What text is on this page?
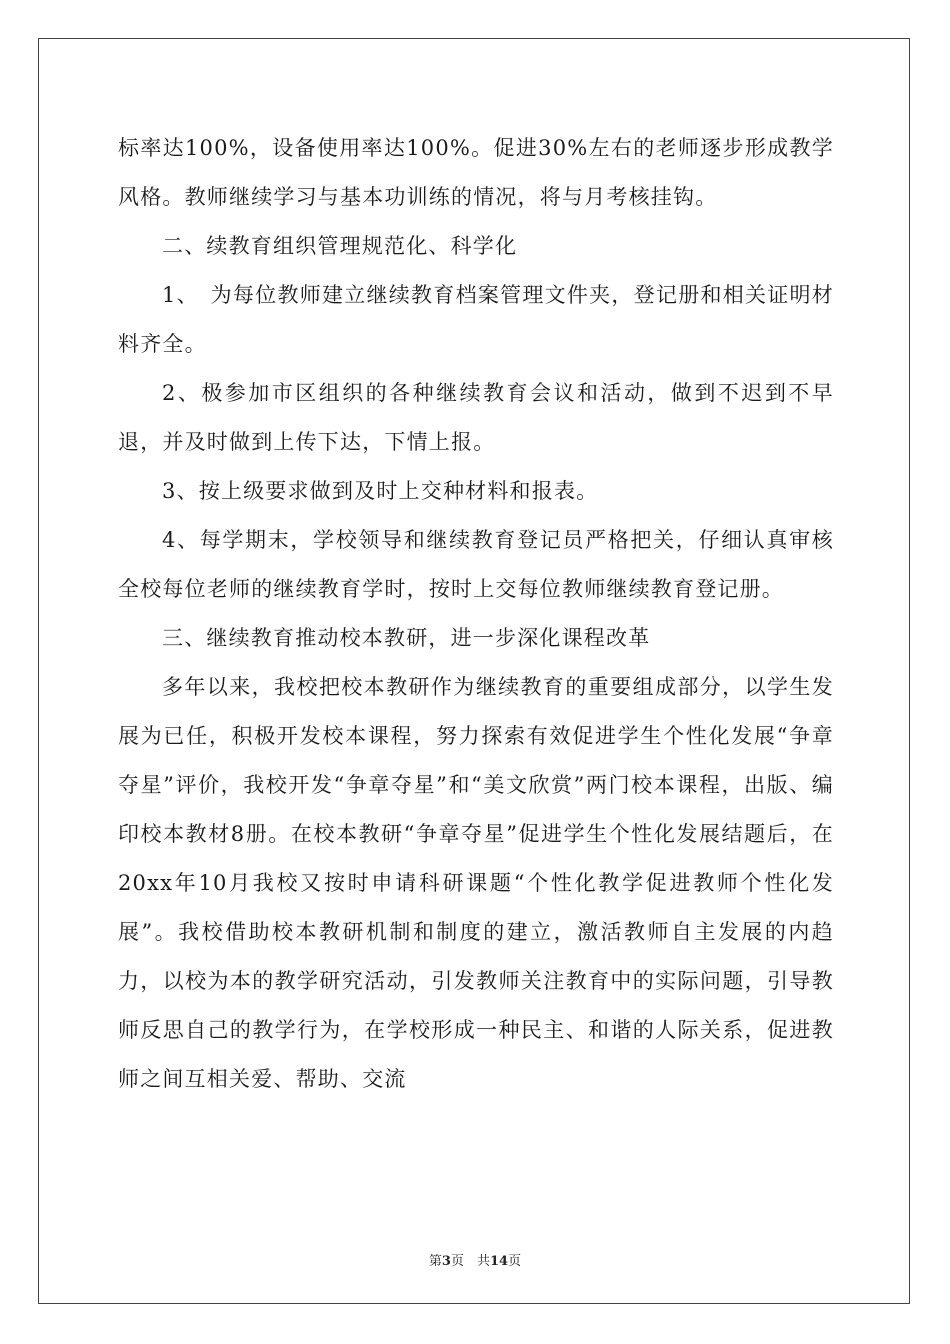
标率达100%，设备使用率达100%。促进30%左右的老师逐步形成教学风格。教师继续学习与基本功训练的情况，将与月考核挂钩。

二、续教育组织管理规范化、科学化

1、　为每位教师建立继续教育档案管理文件夹，登记册和相关证明材料齐全。

2、极参加市区组织的各种继续教育会议和活动，做到不迟到不早退，并及时做到上传下达，下情上报。

3、按上级要求做到及时上交种材料和报表。

4、每学期末，学校领导和继续教育登记员严格把关，仔细认真审核全校每位老师的继续教育学时，按时上交每位教师继续教育登记册。

三、继续教育推动校本教研，进一步深化课程改革

多年以来，我校把校本教研作为继续教育的重要组成部分，以学生发展为已任，积极开发校本课程，努力探索有效促进学生个性化发展“争章夺星”评价，我校开发“争章夺星”和“美文欣赏”两门校本课程，出版、编印校本教材8册。在校本教研“争章夺星”促进学生个性化发展结题后，在20xx年10月我校又按时申请科研课题“个性化教学促进教师个性化发展”。我校借助校本教研机制和制度的建立，激活教师自主发展的内趋力，以校为本的教学研究活动，引发教师关注教育中的实际问题，引导教师反思自己的教学行为，在学校形成一种民主、和谐的人际关系，促进教师之间互相关爱、帮助、交流

第3页　共14页
